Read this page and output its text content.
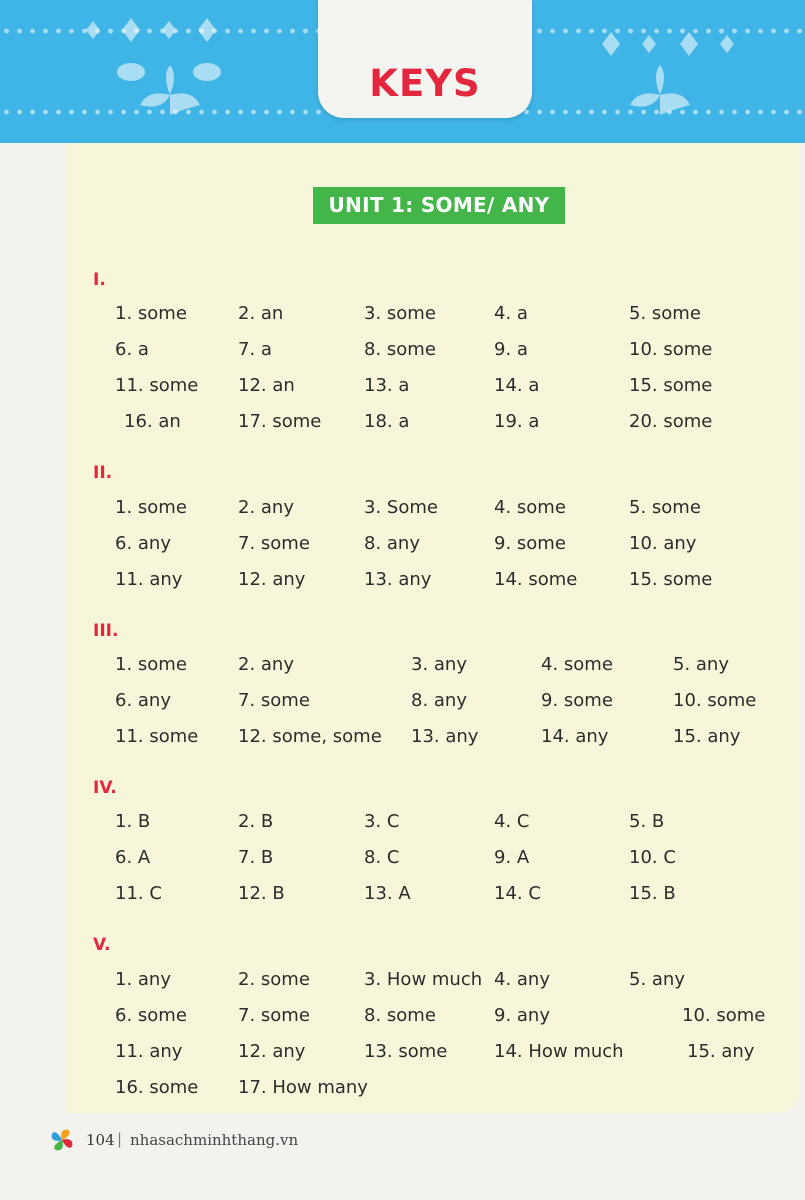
KEYS
UNIT 1: SOME/ ANY
I.
II.
III.
IV.
V.
1. some	2. an	3. some	4. a	5. some
6. a	7. a	8. some	9. a	10. some
11. some 12. an	13. a	14. a	15. some
16. an	17. some 18. a	19. a	20. some
1. some	2. any	3. Some	4. some	5. some
6. any	7. some	8. any	9. some	10. any
11. any	12. any	13. any	14. some	15. some
1. some	2. any	3. any	4. some	5. any
6. any	7. some	8. any	9. some	10. some
11. some 12. some, some 13. any	14. any	15. any
1. B	2. B	3. C	4. C	5. B
6. A	7. B	8. C	9. A	10. C
11. C	12. B	13. A	14. C	15. B
1. any	2. some	3. How much 4. any	5. any
6. some	7. some	8. some	9. any	10. some
11. any	12. any	13. some	14. How much	15. any
16. some 17. How many
104 | nhasachminhthang.vn
